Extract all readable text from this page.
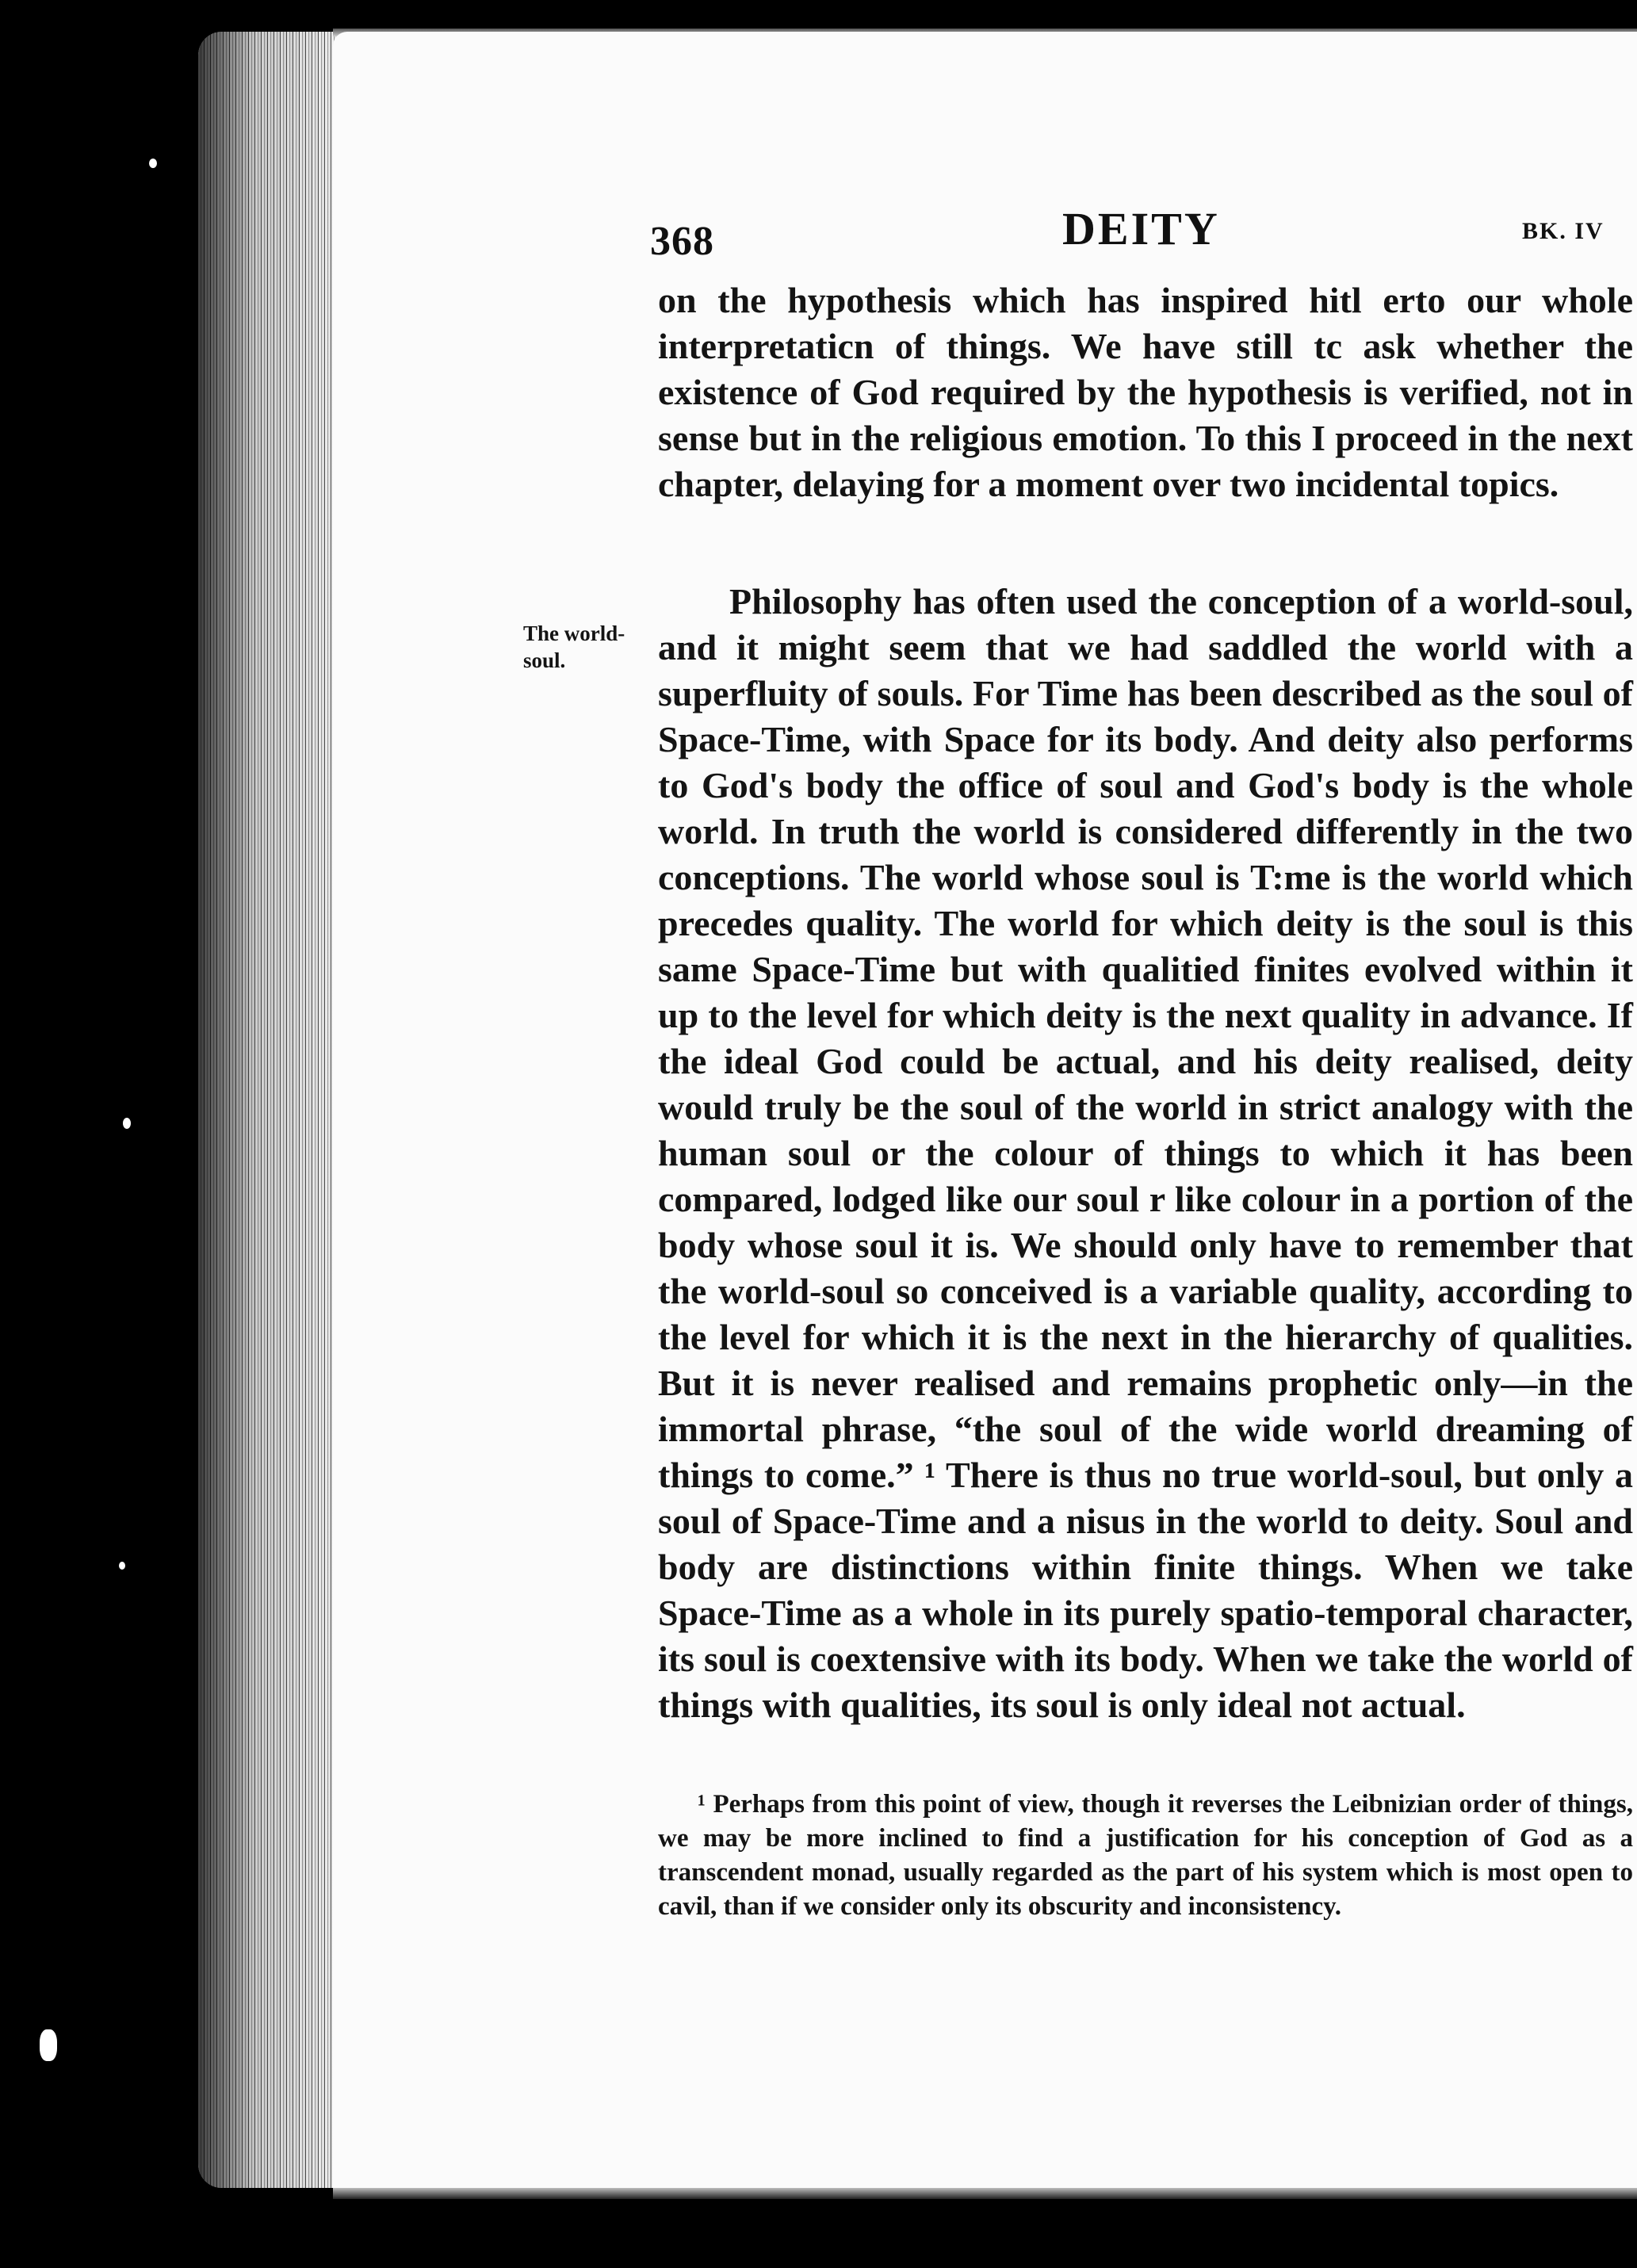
368	DEITY	BK. IV
on the hypothesis which has inspired hitl erto our whole interpretaticn of things. We have still tc ask whether the existence of God required by the hypothesis is verified, not in sense but in the religious emotion. To this I proceed in the next chapter, delaying for a moment over two incidental topics.
The world-soul.
Philosophy has often used the conception of a world-soul, and it might seem that we had saddled the world with a superfluity of souls. For Time has been described as the soul of Space-Time, with Space for its body. And deity also performs to God's body the office of soul and God's body is the whole world. In truth the world is considered differently in the two conceptions. The world whose soul is T:me is the world which precedes quality. The world for which deity is the soul is this same Space-Time but with qualitied finites evolved within it up to the level for which deity is the next quality in advance. If the ideal God could be actual, and his deity realised, deity would truly be the soul of the world in strict analogy with the human soul or the colour of things to which it has been compared, lodged like our soul r like colour in a portion of the body whose soul it is. We should only have to remember that the world-soul so conceived is a variable quality, according to the level for which it is the next in the hierarchy of qualities. But it is never realised and remains prophetic only—in the immortal phrase, “the soul of the wide world dreaming of things to come.” ¹ There is thus no true world-soul, but only a soul of Space-Time and a nisus in the world to deity. Soul and body are distinctions within finite things. When we take Space-Time as a whole in its purely spatio-temporal character, its soul is coextensive with its body. When we take the world of things with qualities, its soul is only ideal not actual.
¹ Perhaps from this point of view, though it reverses the Leibnizian order of things, we may be more inclined to find a justification for his conception of God as a transcendent monad, usually regarded as the part of his system which is most open to cavil, than if we consider only its obscurity and inconsistency.
